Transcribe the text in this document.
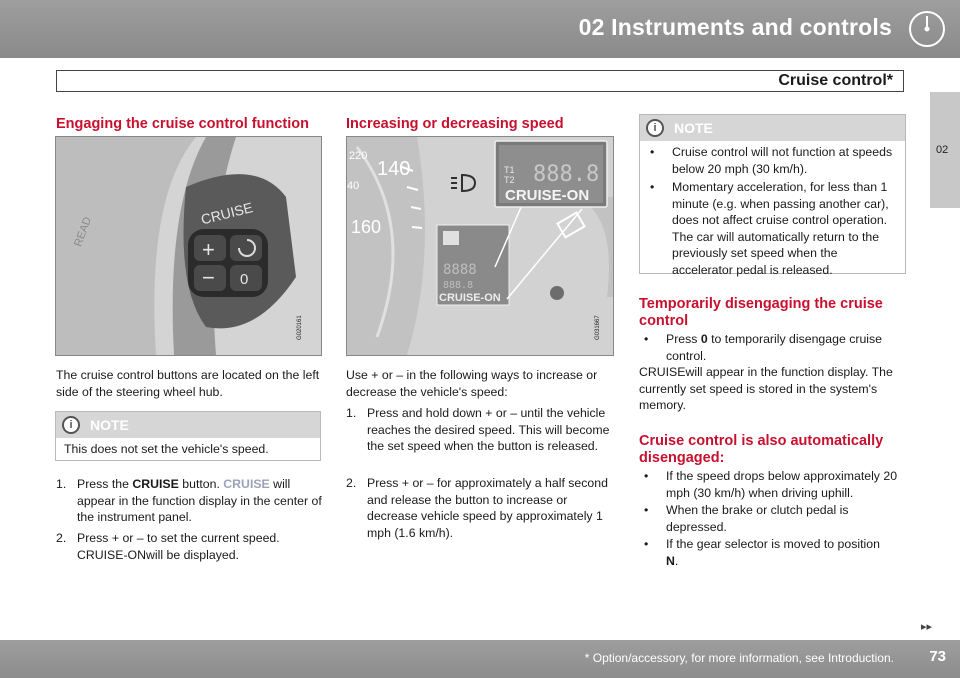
02 Instruments and controls
Cruise control*
02
Engaging the cruise control function
CRUISE
READ
+
− 0
G020161
The cruise control buttons are located on the left side of the steering wheel hub.
i	NOTE
This does not set the vehicle's speed.
1. Press the CRUISE button. CRUISE will appear in the function display in the center of the instrument panel.
2. Press + or – to set the current speed. CRUISE-ONwill be displayed.
Increasing or decreasing speed
220
140
40
160
8888
888.8
CRUISE-ON
T1
T2 888.8
CRUISE-ON
G031667
Use + or – in the following ways to increase or decrease the vehicle's speed:
1. Press and hold down + or – until the vehicle reaches the desired speed. This will become the set speed when the button is released.
2. Press + or – for approximately a half second and release the button to increase or decrease vehicle speed by approximately 1 mph (1.6 km/h).
i	NOTE
• Cruise control will not function at speeds below 20 mph (30 km/h).
• Momentary acceleration, for less than 1 minute (e.g. when passing another car), does not affect cruise control operation. The car will automatically return to the previously set speed when the accelerator pedal is released.
Temporarily disengaging the cruise control
• Press 0 to temporarily disengage cruise control.
CRUISEwill appear in the function display. The currently set speed is stored in the system's memory.
Cruise control is also automatically disengaged:
• If the speed drops below approximately 20 mph (30 km/h) when driving uphill.
• When the brake or clutch pedal is depressed.
• If the gear selector is moved to position N.
▸▸
* Option/accessory, for more information, see Introduction. 73
